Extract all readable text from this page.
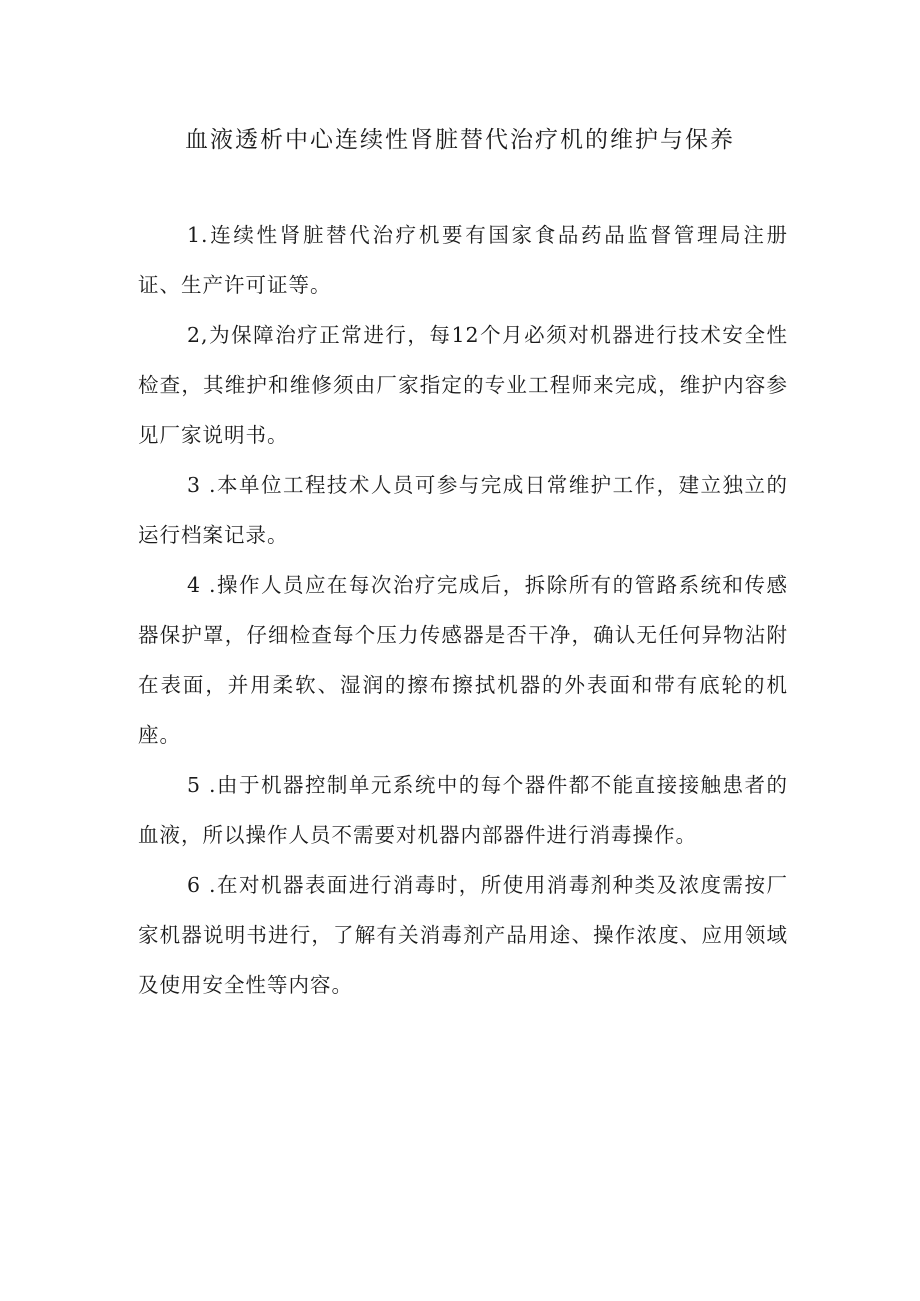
血液透析中心连续性肾脏替代治疗机的维护与保养

1.连续性肾脏替代治疗机要有国家食品药品监督管理局注册证、生产许可证等。

2,为保障治疗正常进行，每12个月必须对机器进行技术安全性检查，其维护和维修须由厂家指定的专业工程师来完成，维护内容参见厂家说明书。

3 .本单位工程技术人员可参与完成日常维护工作，建立独立的运行档案记录。

4 .操作人员应在每次治疗完成后，拆除所有的管路系统和传感器保护罩，仔细检查每个压力传感器是否干净，确认无任何异物沾附在表面，并用柔软、湿润的擦布擦拭机器的外表面和带有底轮的机座。

5 .由于机器控制单元系统中的每个器件都不能直接接触患者的血液，所以操作人员不需要对机器内部器件进行消毒操作。

6 .在对机器表面进行消毒时，所使用消毒剂种类及浓度需按厂家机器说明书进行，了解有关消毒剂产品用途、操作浓度、应用领域及使用安全性等内容。
